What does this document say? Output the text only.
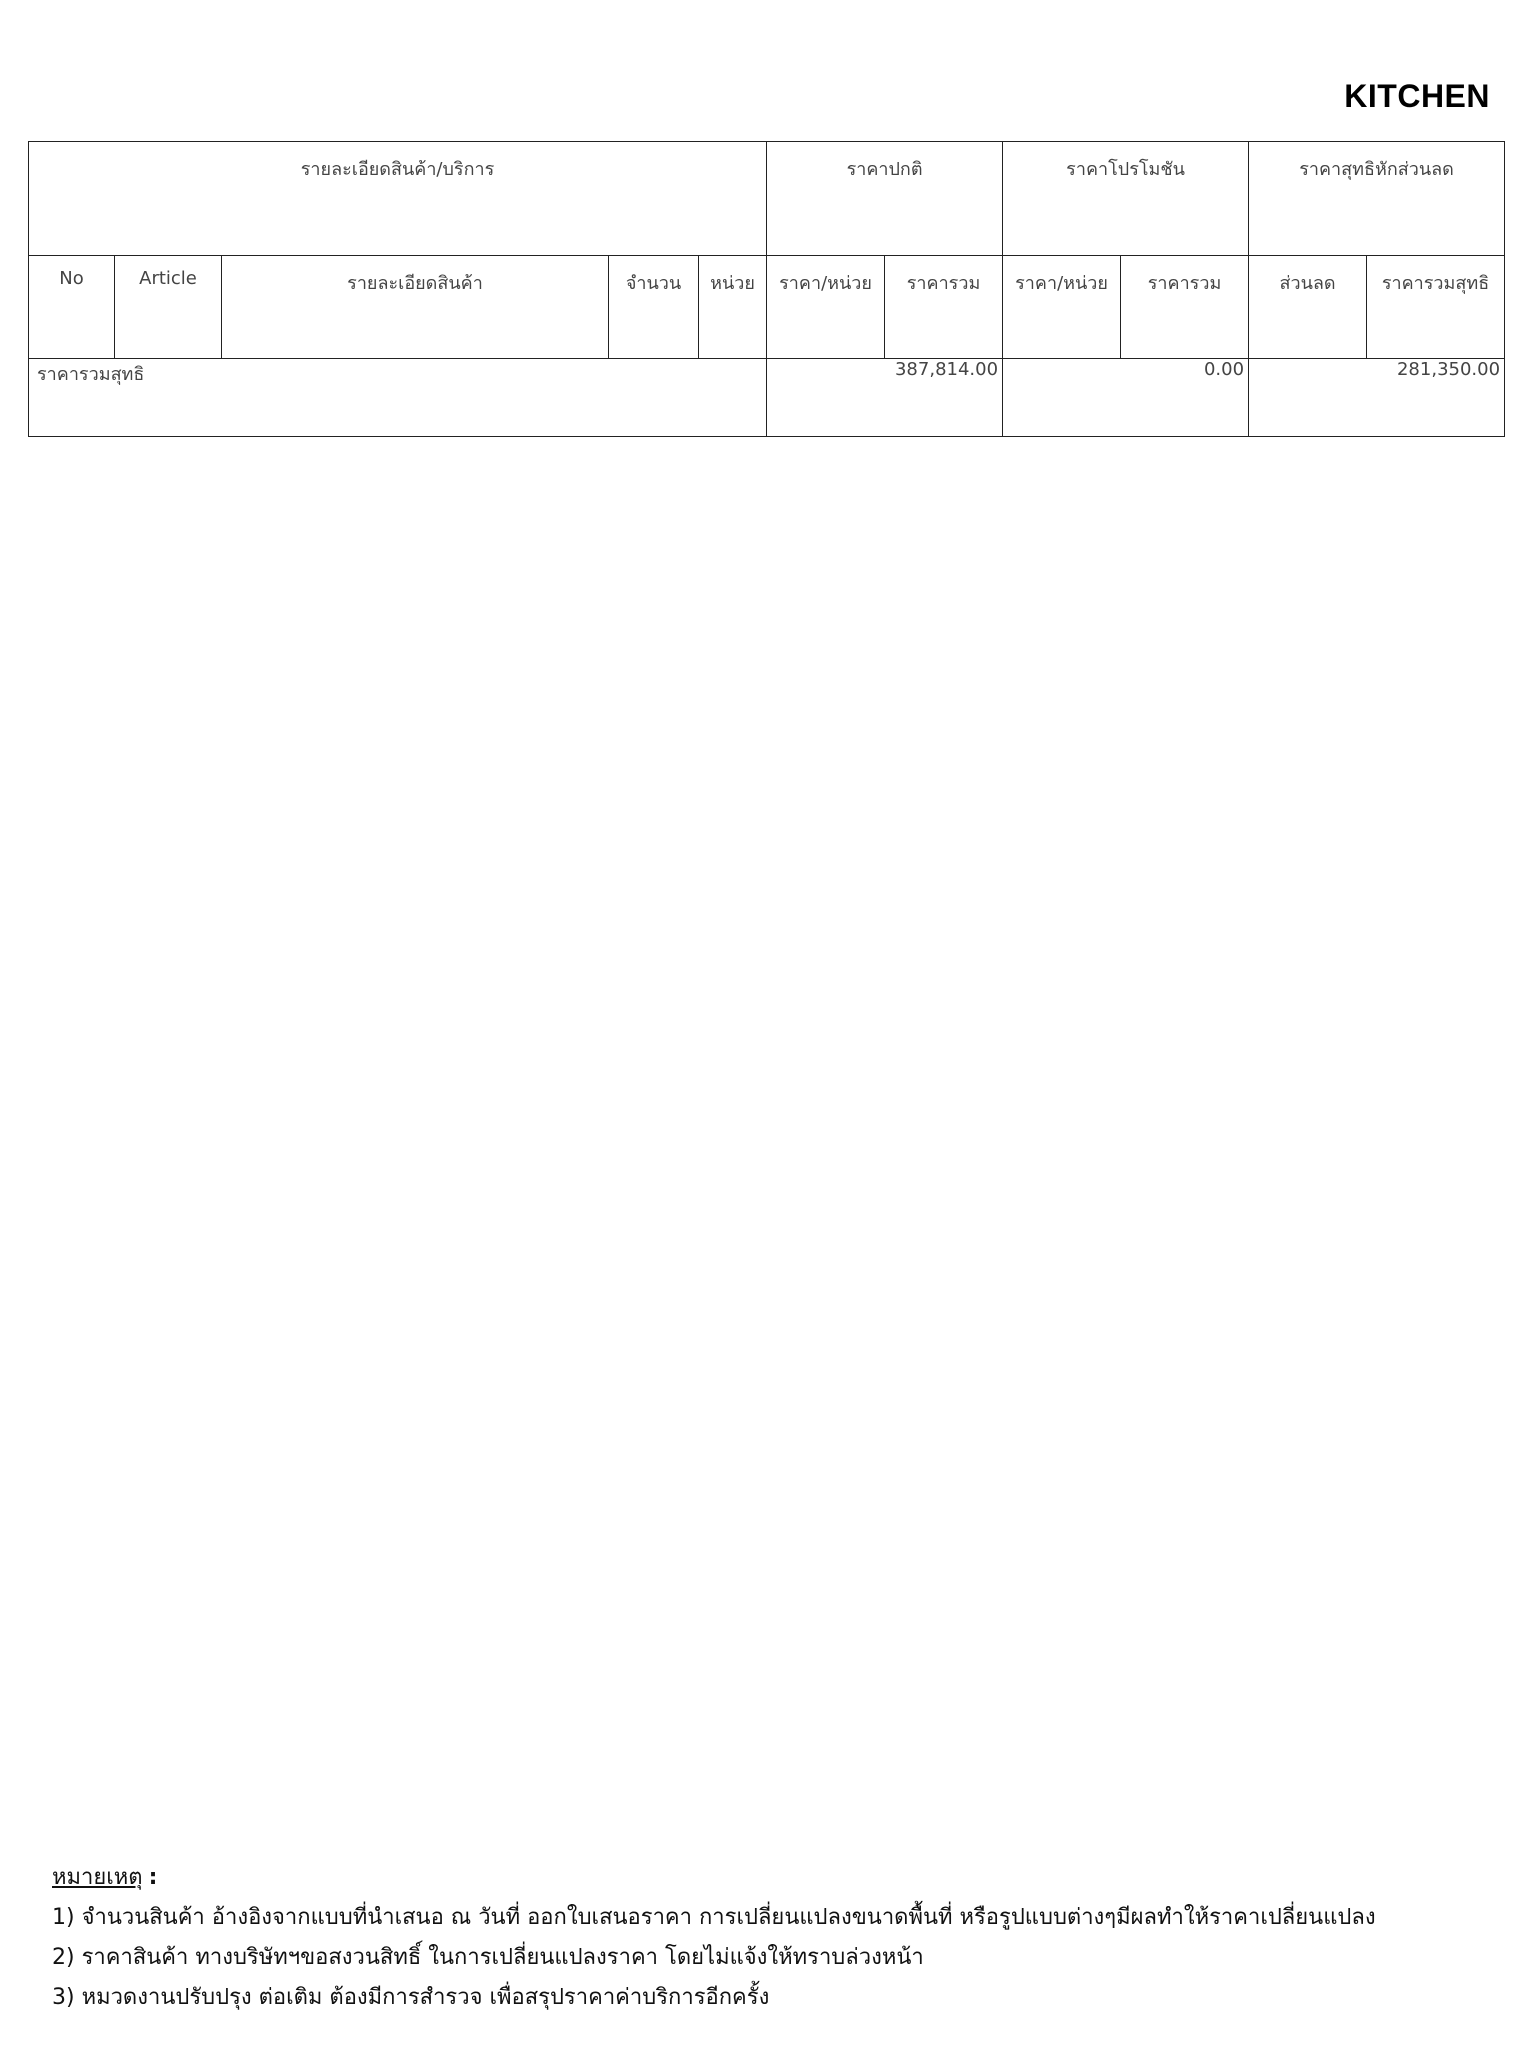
KITCHEN
รายละเอียดสินค้า/บริการ					ราคาปกติ		ราคาโปรโมชัน		ราคาสุทธิหักส่วนลด	

No	Article	รายละเอียดสินค้า	จำนวน	หน่วย	ราคา/หน่วย	ราคารวม	ราคา/หน่วย	ราคารวม	ส่วนลด	ราคารวมสุทธิ

ราคารวมสุทธิ					387,814.00		0.00		281,350.00	
หมายเหตุ :
1) จำนวนสินค้า อ้างอิงจากแบบที่นำเสนอ ณ วันที่ ออกใบเสนอราคา การเปลี่ยนแปลงขนาดพื้นที่ หรือรูปแบบต่างๆมีผลทำให้ราคาเปลี่ยนแปลง
2) ราคาสินค้า ทางบริษัทฯขอสงวนสิทธิ์ ในการเปลี่ยนแปลงราคา โดยไม่แจ้งให้ทราบล่วงหน้า
3) หมวดงานปรับปรุง ต่อเติม ต้องมีการสำรวจ เพื่อสรุปราคาค่าบริการอีกครั้ง
